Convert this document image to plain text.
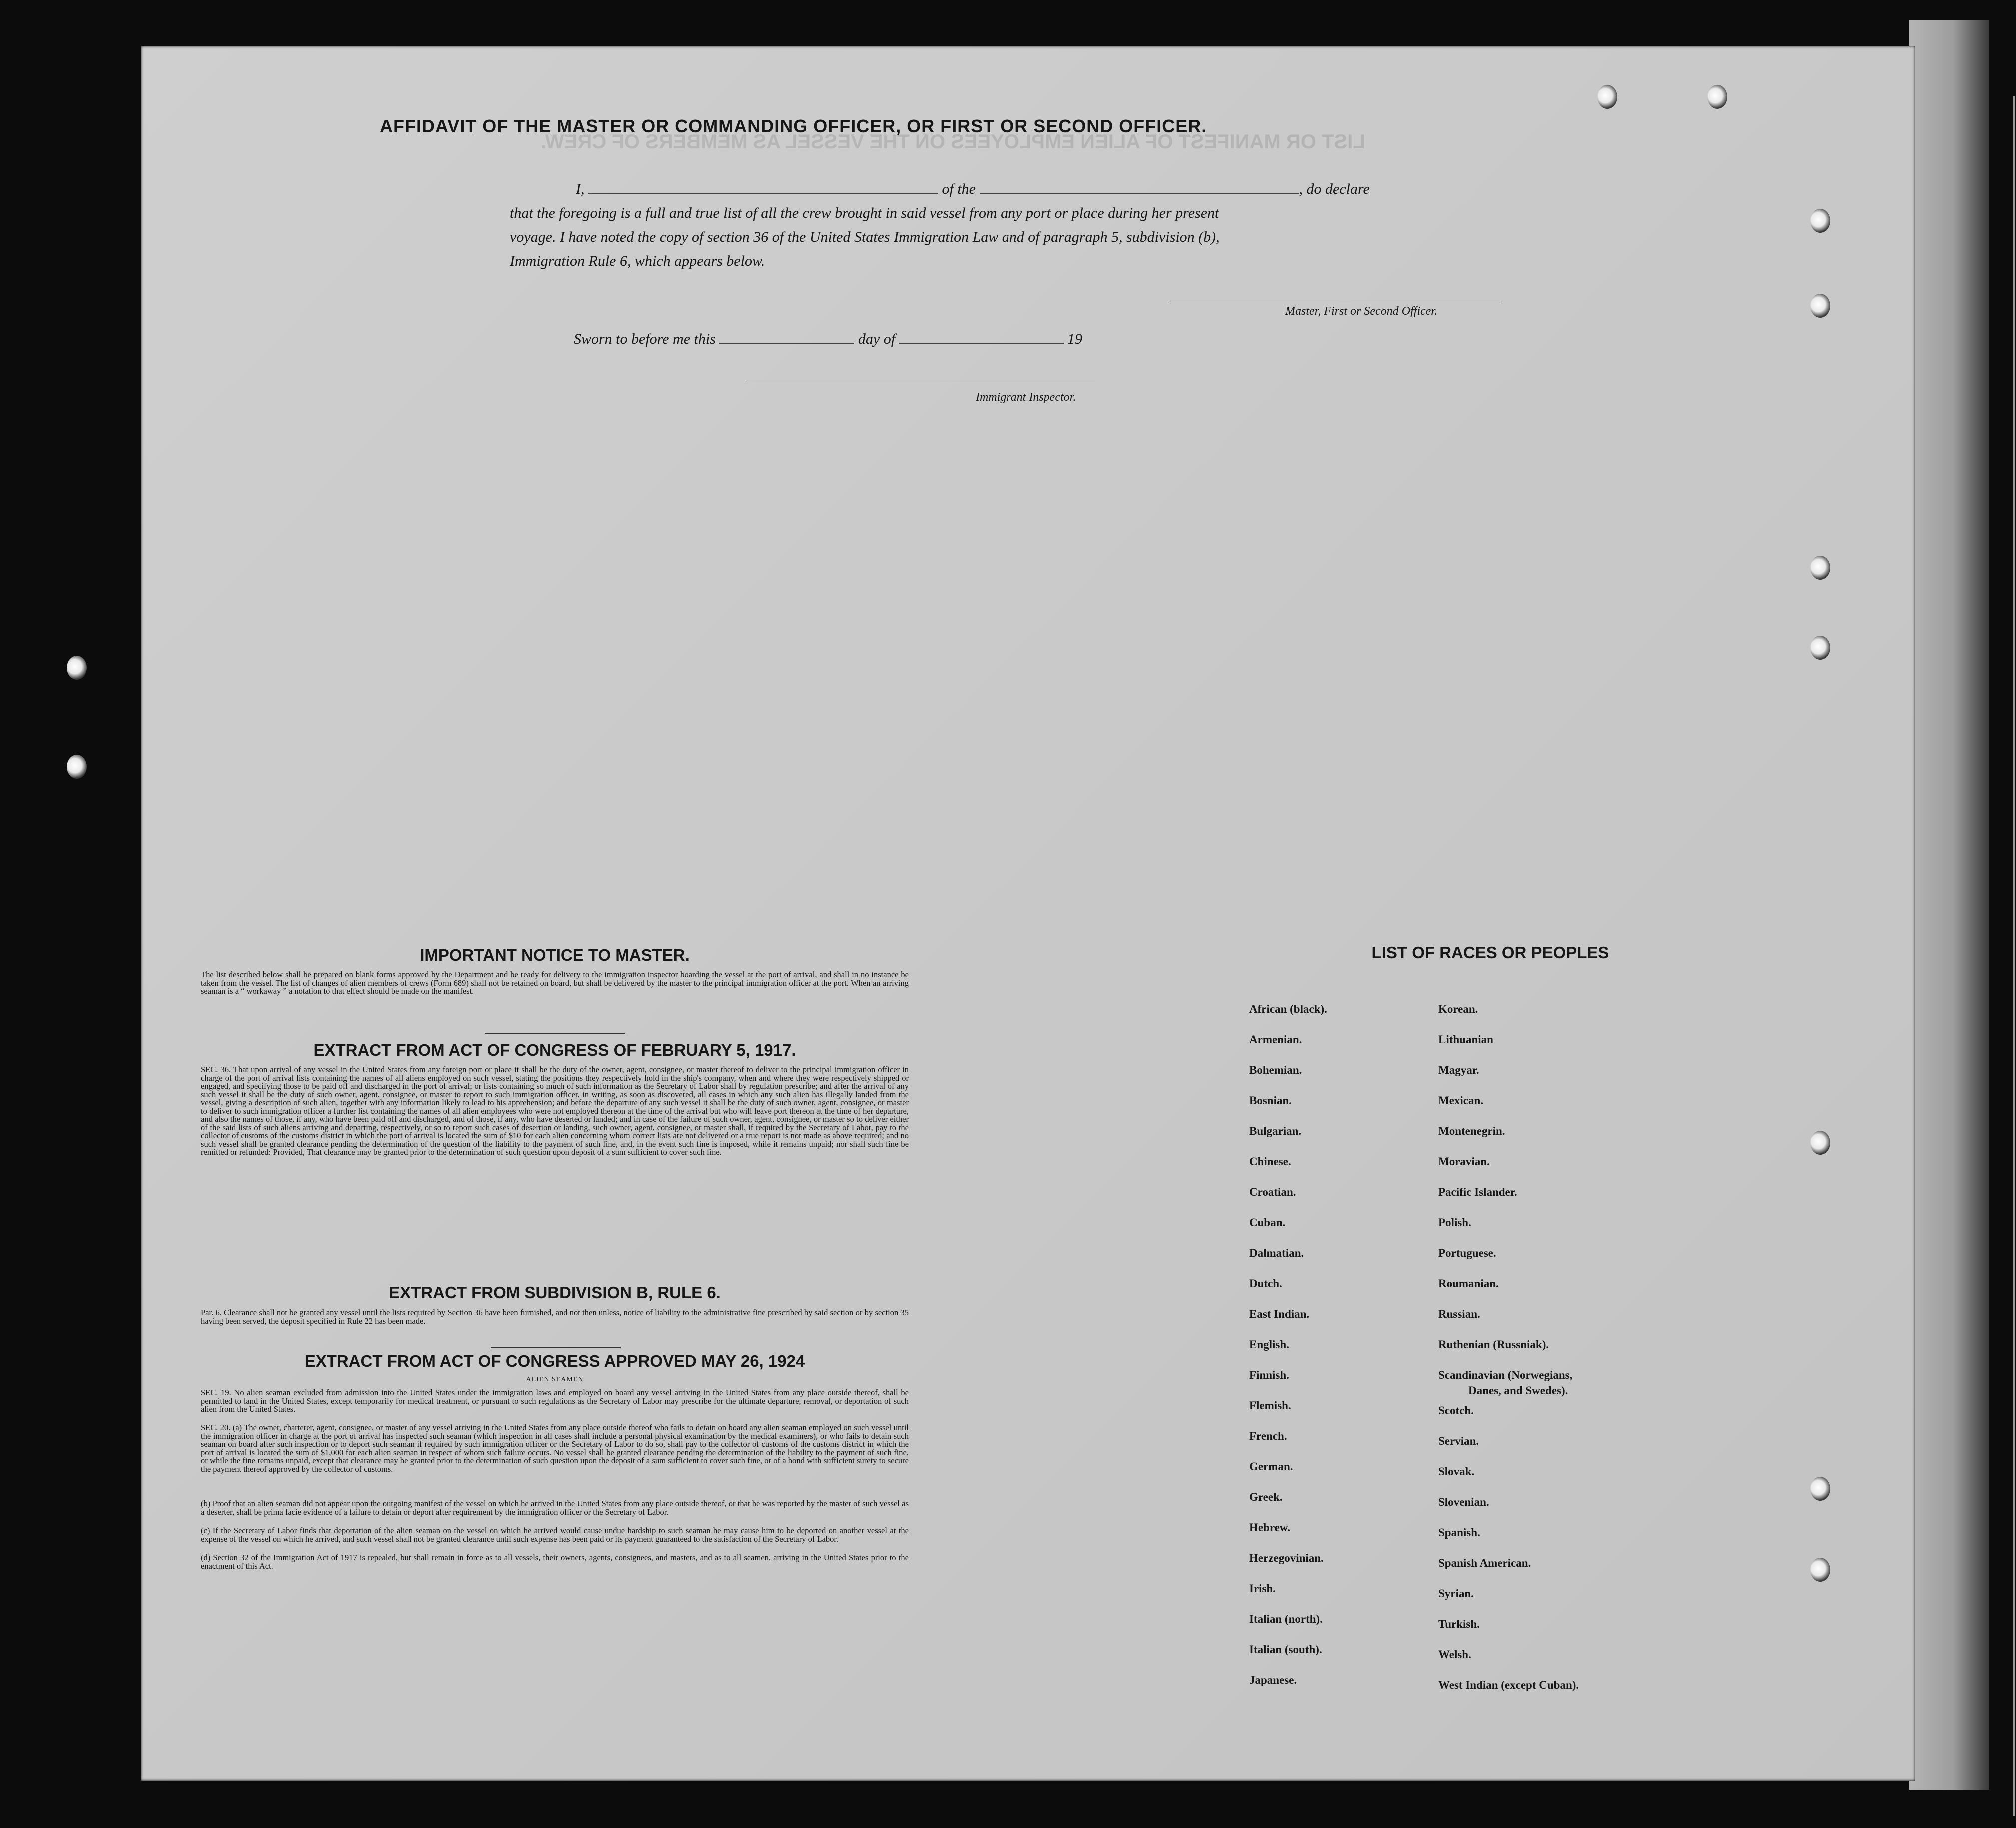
LIST OR MANIFEST OF ALIEN EMPLOYEES ON THE VESSEL AS MEMBERS OF CREW.

AFFIDAVIT OF THE MASTER OR COMMANDING OFFICER, OR FIRST OR SECOND OFFICER.
I,	of the	, do declare
that the foregoing is a full and true list of all the crew brought in said vessel from any port or place during her present
voyage. I have noted the copy of section 36 of the United States Immigration Law and of paragraph 5, subdivision (b),
Immigration Rule 6, which appears below.
Master, First or Second Officer.
Sworn to before me this	day of	19
Immigrant Inspector.
IMPORTANT NOTICE TO MASTER.
The list described below shall be prepared on blank forms approved by the Department and be ready for delivery to the immigration inspector boarding the vessel at the port of arrival, and shall in no instance be taken from the vessel. The list of changes of alien members of crews (Form 689) shall not be retained on board, but shall be delivered by the master to the principal immigration officer at the port. When an arriving seaman is a “ workaway ” a notation to that effect should be made on the manifest.
EXTRACT FROM ACT OF CONGRESS OF FEBRUARY 5, 1917.
SEC. 36. That upon arrival of any vessel in the United States from any foreign port or place it shall be the duty of the owner, agent, consignee, or master thereof to deliver to the principal immigration officer in charge of the port of arrival lists containing the names of all aliens employed on such vessel, stating the positions they respectively hold in the ship's company, when and where they were respectively shipped or engaged, and specifying those to be paid off and discharged in the port of arrival; or lists containing so much of such information as the Secretary of Labor shall by regulation prescribe; and after the arrival of any such vessel it shall be the duty of such owner, agent, consignee, or master to report to such immigration officer, in writing, as soon as discovered, all cases in which any such alien has illegally landed from the vessel, giving a description of such alien, together with any information likely to lead to his apprehension; and before the departure of any such vessel it shall be the duty of such owner, agent, consignee, or master to deliver to such immigration officer a further list containing the names of all alien employees who were not employed thereon at the time of the arrival but who will leave port thereon at the time of her departure, and also the names of those, if any, who have been paid off and discharged, and of those, if any, who have deserted or landed; and in case of the failure of such owner, agent, consignee, or master so to deliver either of the said lists of such aliens arriving and departing, respectively, or so to report such cases of desertion or landing, such owner, agent, consignee, or master shall, if required by the Secretary of Labor, pay to the collector of customs of the customs district in which the port of arrival is located the sum of $10 for each alien concerning whom correct lists are not delivered or a true report is not made as above required; and no such vessel shall be granted clearance pending the determination of the question of the liability to the payment of such fine, and, in the event such fine is imposed, while it remains unpaid; nor shall such fine be remitted or refunded: Provided, That clearance may be granted prior to the determination of such question upon deposit of a sum sufficient to cover such fine.
EXTRACT FROM SUBDIVISION B, RULE 6.
Par. 6. Clearance shall not be granted any vessel until the lists required by Section 36 have been furnished, and not then unless, notice of liability to the administrative fine prescribed by said section or by section 35 having been served, the deposit specified in Rule 22 has been made.
EXTRACT FROM ACT OF CONGRESS APPROVED MAY 26, 1924
ALIEN SEAMEN
SEC. 19. No alien seaman excluded from admission into the United States under the immigration laws and employed on board any vessel arriving in the United States from any place outside thereof, shall be permitted to land in the United States, except temporarily for medical treatment, or pursuant to such regulations as the Secretary of Labor may prescribe for the ultimate departure, removal, or deportation of such alien from the United States.
SEC. 20. (a) The owner, charterer, agent, consignee, or master of any vessel arriving in the United States from any place outside thereof who fails to detain on board any alien seaman employed on such vessel until the immigration officer in charge at the port of arrival has inspected such seaman (which inspection in all cases shall include a personal physical examination by the medical examiners), or who fails to detain such seaman on board after such inspection or to deport such seaman if required by such immigration officer or the Secretary of Labor to do so, shall pay to the collector of customs of the customs district in which the port of arrival is located the sum of $1,000 for each alien seaman in respect of whom such failure occurs. No vessel shall be granted clearance pending the determination of the liability to the payment of such fine, or while the fine remains unpaid, except that clearance may be granted prior to the determination of such question upon the deposit of a sum sufficient to cover such fine, or of a bond with sufficient surety to secure the payment thereof approved by the collector of customs.
(b) Proof that an alien seaman did not appear upon the outgoing manifest of the vessel on which he arrived in the United States from any place outside thereof, or that he was reported by the master of such vessel as a deserter, shall be prima facie evidence of a failure to detain or deport after requirement by the immigration officer or the Secretary of Labor.
(c) If the Secretary of Labor finds that deportation of the alien seaman on the vessel on which he arrived would cause undue hardship to such seaman he may cause him to be deported on another vessel at the expense of the vessel on which he arrived, and such vessel shall not be granted clearance until such expense has been paid or its payment guaranteed to the satisfaction of the Secretary of Labor.
(d) Section 32 of the Immigration Act of 1917 is repealed, but shall remain in force as to all vessels, their owners, agents, consignees, and masters, and as to all seamen, arriving in the United States prior to the enactment of this Act.
LIST OF RACES OR PEOPLES
African (black).
Armenian.
Bohemian.
Bosnian.
Bulgarian.
Chinese.
Croatian.
Cuban.
Dalmatian.
Dutch.
East Indian.
English.
Finnish.
Flemish.
French.
German.
Greek.
Hebrew.
Herzegovinian.
Irish.
Italian (north).
Italian (south).
Japanese.
Korean.
Lithuanian
Magyar.
Mexican.
Montenegrin.
Moravian.
Pacific Islander.
Polish.
Portuguese.
Roumanian.
Russian.
Ruthenian (Russniak).
Scandinavian (Norwegians,
Danes, and Swedes).
Scotch.
Servian.
Slovak.
Slovenian.
Spanish.
Spanish American.
Syrian.
Turkish.
Welsh.
West Indian (except Cuban).
